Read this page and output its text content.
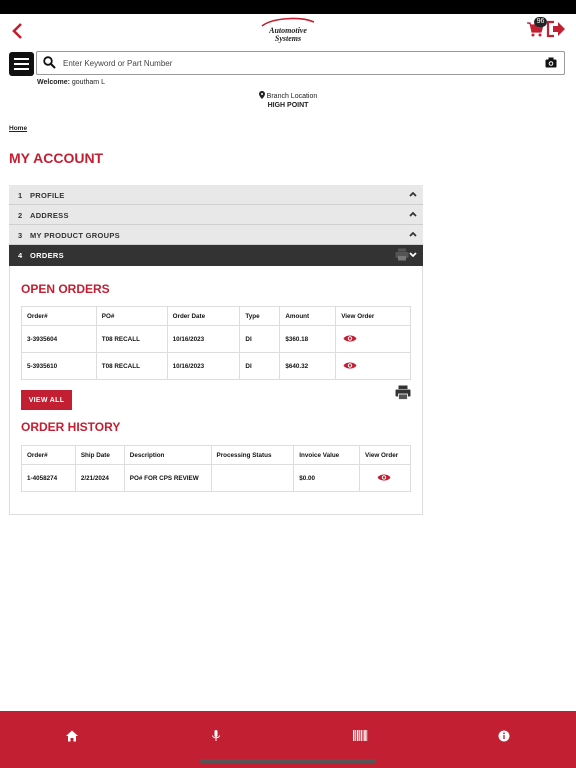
Automotive
Systems
96
Enter Keyword or Part Number
Welcome: goutham L
Branch Location
HIGH POINT
Home
MY ACCOUNT
1 PROFILE
2 ADDRESS
3 MY PRODUCT GROUPS
4 ORDERS
OPEN ORDERS
Order#	PO#	Order Date	Type	Amount	View Order
3-3935604	T08 RECALL	10/16/2023	DI	$360.18	
5-3935610	T08 RECALL	10/16/2023	DI	$640.32	
VIEW ALL
ORDER HISTORY
Order#	Ship Date	Description	Processing Status	Invoice Value	View Order
1-4058274	2/21/2024	PO# FOR CPS REVIEW		$0.00	
